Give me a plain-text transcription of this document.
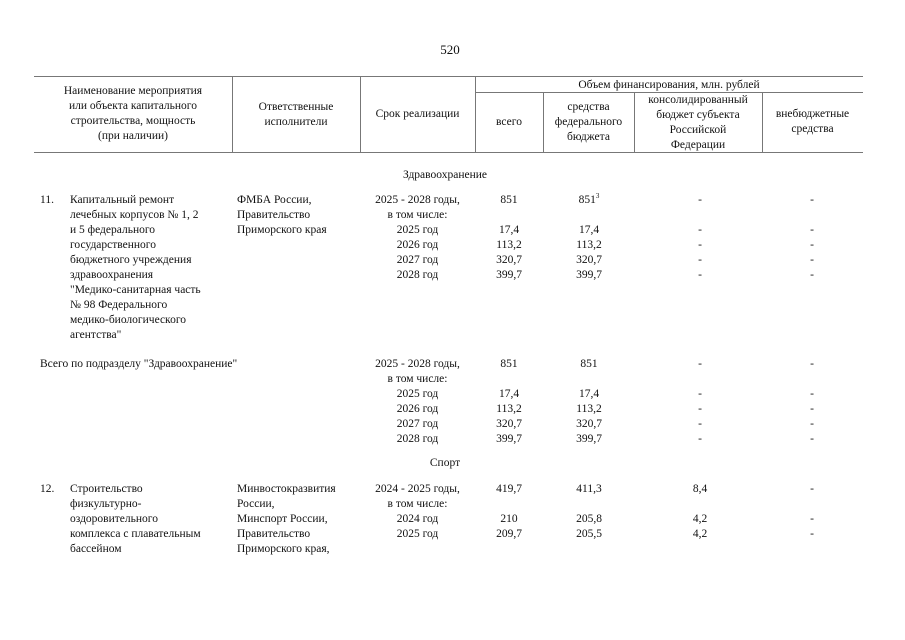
520
Наименование мероприятия
или объекта капитального
строительства, мощность
(при наличии)
Ответственные
исполнители
Срок реализации
Объем финансирования, млн. рублей
всего
средства
федерального
бюджета
консолидированный
бюджет субъекта
Российской
Федерации
внебюджетные
средства
Здравоохранение
11. Капитальный ремонт
лечебных корпусов № 1, 2
и 5 федерального
государственного
бюджетного учреждения
здравоохранения
"Медико-санитарная часть
№ 98 Федерального
медико-биологического
агентства"
ФМБА России,
Правительство
Приморского края
2025 - 2028 годы,
в том числе:
2025 год
2026 год
2027 год
2028 год
851

17,4
113,2
320,7
399,7
$851^3$

17,4
113,2
320,7
399,7
-

-
-
-
-
-

-
-
-
-
Всего по подразделу "Здравоохранение"	2025 - 2028 годы,
в том числе:
2025 год
2026 год
2027 год
2028 год
851

17,4
113,2
320,7
399,7
851

17,4
113,2
320,7
399,7
-

-
-
-
-
-

-
-
-
-
Спорт
12. Строительство
физкультурно-
оздоровительного
комплекса с плавательным
бассейном
Минвостокразвития
России,
Минспорт России,
Правительство
Приморского края,
2024 - 2025 годы,
в том числе:
2024 год
2025 год
419,7

210
209,7
411,3

205,8
205,5
8,4

4,2
4,2
-

-
-
